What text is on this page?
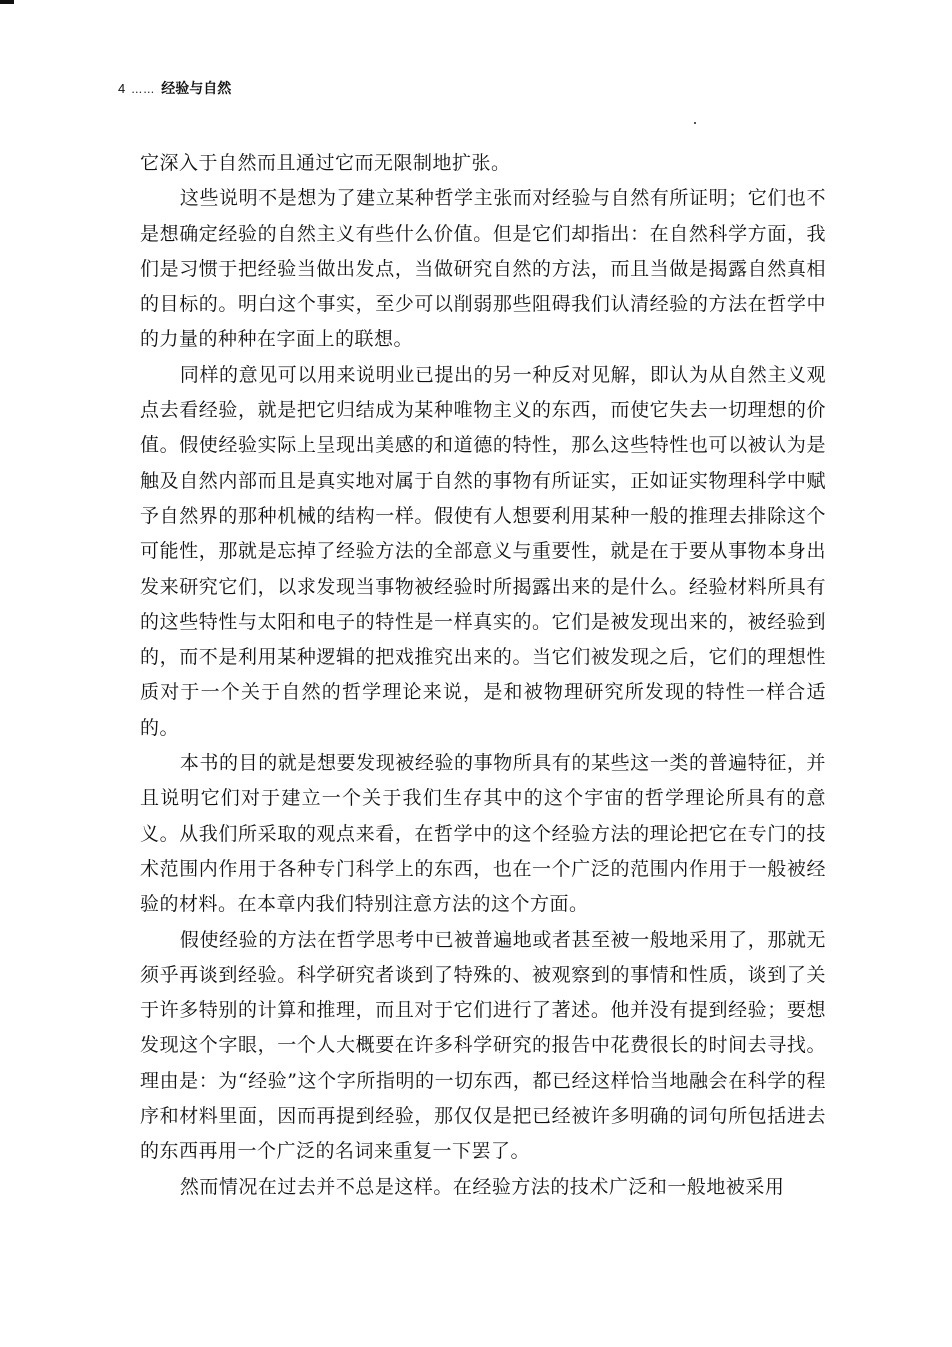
4 …… 经验与自然

它深入于自然而且通过它而无限制地扩张。

这些说明不是想为了建立某种哲学主张而对经验与自然有所证明；它们也不是想确定经验的自然主义有些什么价值。但是它们却指出：在自然科学方面，我们是习惯于把经验当做出发点，当做研究自然的方法，而且当做是揭露自然真相的目标的。明白这个事实，至少可以削弱那些阻碍我们认清经验的方法在哲学中的力量的种种在字面上的联想。

同样的意见可以用来说明业已提出的另一种反对见解，即认为从自然主义观点去看经验，就是把它归结成为某种唯物主义的东西，而使它失去一切理想的价值。假使经验实际上呈现出美感的和道德的特性，那么这些特性也可以被认为是触及自然内部而且是真实地对属于自然的事物有所证实，正如证实物理科学中赋予自然界的那种机械的结构一样。假使有人想要利用某种一般的推理去排除这个可能性，那就是忘掉了经验方法的全部意义与重要性，就是在于要从事物本身出发来研究它们，以求发现当事物被经验时所揭露出来的是什么。经验材料所具有的这些特性与太阳和电子的特性是一样真实的。它们是被发现出来的，被经验到的，而不是利用某种逻辑的把戏推究出来的。当它们被发现之后，它们的理想性质对于一个关于自然的哲学理论来说，是和被物理研究所发现的特性一样合适的。

本书的目的就是想要发现被经验的事物所具有的某些这一类的普遍特征，并且说明它们对于建立一个关于我们生存其中的这个宇宙的哲学理论所具有的意义。从我们所采取的观点来看，在哲学中的这个经验方法的理论把它在专门的技术范围内作用于各种专门科学上的东西，也在一个广泛的范围内作用于一般被经验的材料。在本章内我们特别注意方法的这个方面。

假使经验的方法在哲学思考中已被普遍地或者甚至被一般地采用了，那就无须乎再谈到经验。科学研究者谈到了特殊的、被观察到的事情和性质，谈到了关于许多特别的计算和推理，而且对于它们进行了著述。他并没有提到经验；要想发现这个字眼，一个人大概要在许多科学研究的报告中花费很长的时间去寻找。理由是：为“经验”这个字所指明的一切东西，都已经这样恰当地融会在科学的程序和材料里面，因而再提到经验，那仅仅是把已经被许多明确的词句所包括进去的东西再用一个广泛的名词来重复一下罢了。

然而情况在过去并不总是这样。在经验方法的技术广泛和一般地被采用
